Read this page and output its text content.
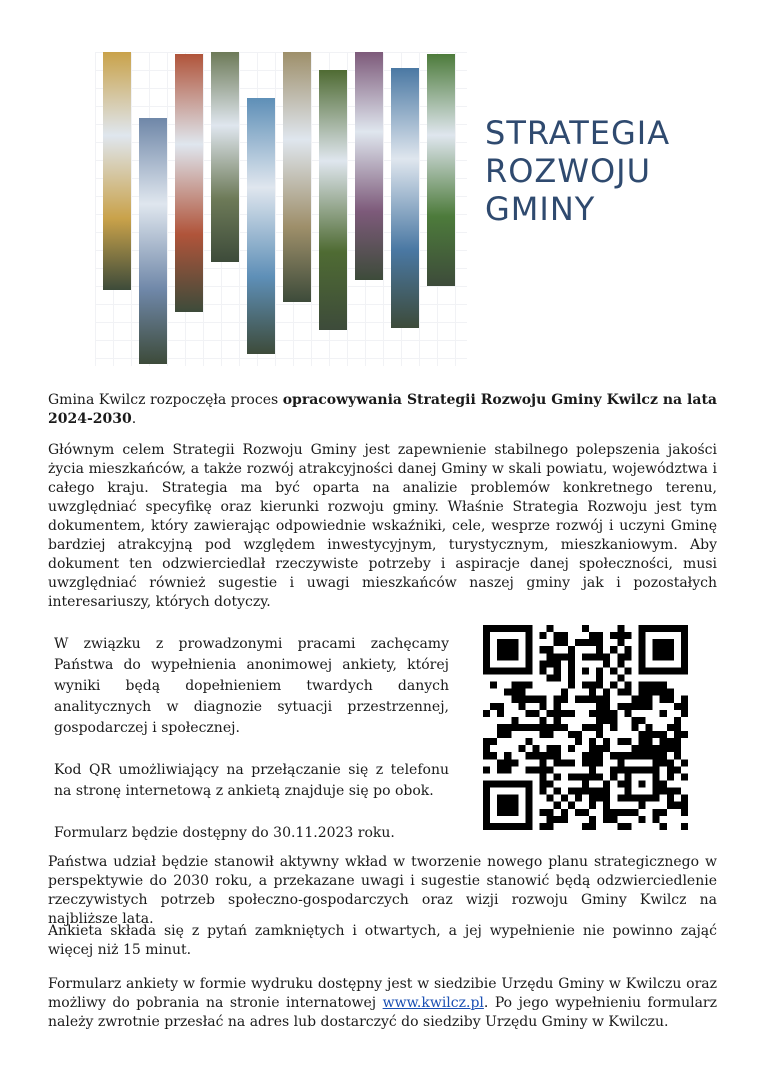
STRATEGIA
ROZWOJU
GMINY

Gmina Kwilcz rozpoczęła proces opracowywania Strategii Rozwoju Gminy Kwilcz na lata 2024-2030.

Głównym celem Strategii Rozwoju Gminy jest zapewnienie stabilnego polepszenia jakości życia mieszkańców, a także rozwój atrakcyjności danej Gminy w skali powiatu, województwa i całego kraju. Strategia ma być oparta na analizie problemów konkretnego terenu, uwzględniać specyfikę oraz kierunki rozwoju gminy. Właśnie Strategia Rozwoju jest tym dokumentem, który zawierając odpowiednie wskaźniki, cele, wesprze rozwój i uczyni Gminę bardziej atrakcyjną pod względem inwestycyjnym, turystycznym, mieszkaniowym. Aby dokument ten odzwierciedlał rzeczywiste potrzeby i aspiracje danej społeczności, musi uwzględniać również sugestie i uwagi mieszkańców naszej gminy jak i pozostałych interesariuszy, których dotyczy.

W związku z prowadzonymi pracami zachęcamy Państwa do wypełnienia anonimowej ankiety, której wyniki będą dopełnieniem twardych danych analitycznych w diagnozie sytuacji przestrzennej, gospodarczej i społecznej.

Kod QR umożliwiający na przełączanie się z telefonu na stronę internetową z ankietą znajduje się po obok.

Formularz będzie dostępny do 30.11.2023 roku.

Państwa udział będzie stanowił aktywny wkład w tworzenie nowego planu strategicznego w perspektywie do 2030 roku, a przekazane uwagi i sugestie stanowić będą odzwierciedlenie rzeczywistych potrzeb społeczno-gospodarczych oraz wizji rozwoju Gminy Kwilcz na najbliższe lata.

Ankieta składa się z pytań zamkniętych i otwartych, a jej wypełnienie nie powinno zająć więcej niż 15 minut.

Formularz ankiety w formie wydruku dostępny jest w siedzibie Urzędu Gminy w Kwilczu oraz możliwy do pobrania na stronie internatowej www.kwilcz.pl. Po jego wypełnieniu formularz należy zwrotnie przesłać na adres lub dostarczyć do siedziby Urzędu Gminy w Kwilczu.
